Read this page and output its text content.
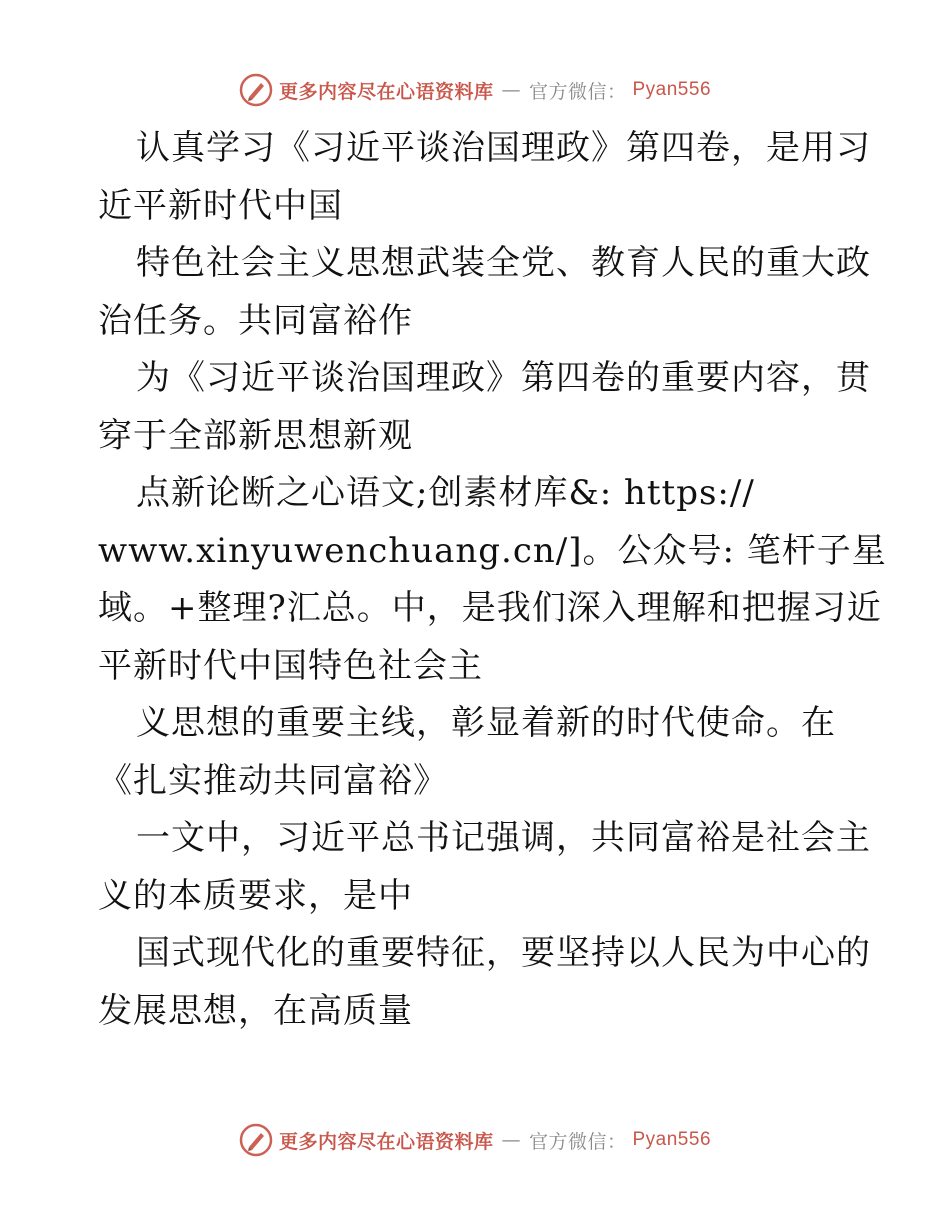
更多内容尽在心语资料库 — 官方微信： Pyan556
认真学习《习近平谈治国理政》第四卷，是用习
近平新时代中国
特色社会主义思想武装全党、教育人民的重大政
治任务。共同富裕作
为《习近平谈治国理政》第四卷的重要内容，贯
穿于全部新思想新观
点新论断之心语文;创素材库&: https://
www.xinyuwenchuang.cn/]。公众号: 笔杆子星
域。+整理?汇总。中，是我们深入理解和把握习近
平新时代中国特色社会主
义思想的重要主线，彰显着新的时代使命。在
《扎实推动共同富裕》
一文中，习近平总书记强调，共同富裕是社会主
义的本质要求，是中
国式现代化的重要特征，要坚持以人民为中心的
发展思想，在高质量
更多内容尽在心语资料库 — 官方微信： Pyan556
